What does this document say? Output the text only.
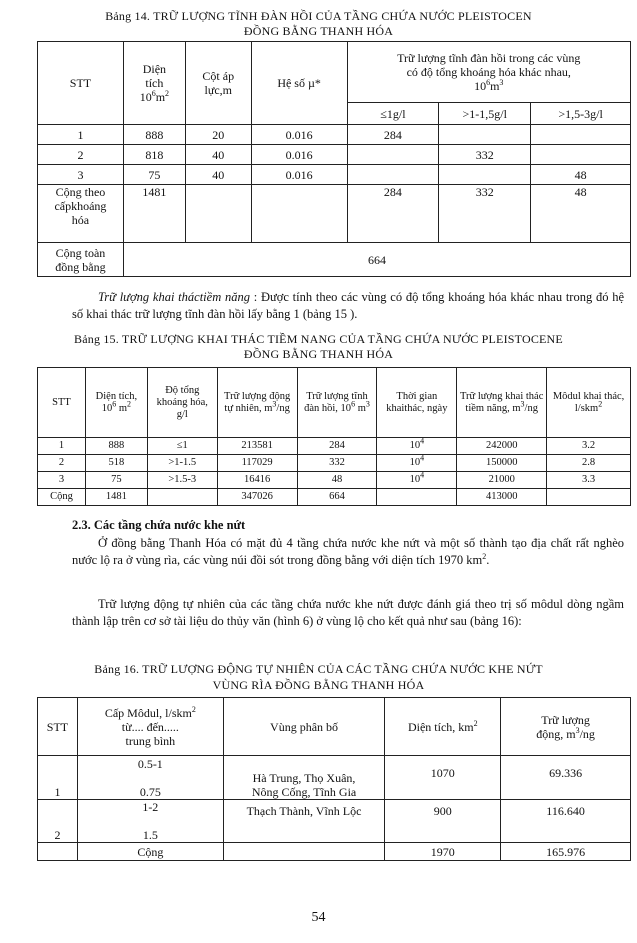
Bảng 14. TRỮ LƯỢNG TĨNH ĐÀN HỒI CỦA TẦNG CHỨA NƯỚC PLEISTOCEN
ĐỒNG BẰNG THANH HÓA
STT	Diện
tích
$10^6m^2$	Cột áp
lực,m	Hệ số µ*	Trữ lượng tĩnh đàn hồi trong các vùng
có độ tổng khoáng hóa khác nhau,
$10^6m^3$
				≤1g/l	>1-1,5g/l	>1,5-3g/l
1	888	20	0.016	284		
2	818	40	0.016		332	
3	75	40	0.016			48
Cộng theo
cấpkhoáng
hóa	1481			284	332	48
Cộng toàn
đồng bằng	664					
Trữ lượng khai tháctiềm năng : Được tính theo các vùng có độ tổng khoáng hóa khác nhau trong đó hệ số khai thác trữ lượng tĩnh đàn hồi lấy bằng 1 (bảng 15 ).
Bảng 15. TRỮ LƯỢNG KHAI THÁC TIỀM NANG CỦA TẦNG CHỨA NƯỚC PLEISTOCENE
ĐỒNG BẰNG THANH HÓA
STT	Diện tích, $10^6$ $m^2$	Độ tổng khoáng hóa, g/l	Trữ lượng động tự nhiên, $m^3/ng$	Trữ lượng tĩnh đàn hồi, $10^6$ $m^3$	Thời gian khaithác, ngày	Trữ lượng khai thác tiềm năng, $m^3/ng$	Môdul khai thác, l/skm$^2$
1	888	≤1	213581	284	$10^4$	242000	3.2
2	518	>1-1.5	117029	332	$10^4$	150000	2.8
3	75	>1.5-3	16416	48	$10^4$	21000	3.3
Cộng	1481		347026	664		413000	
2.3. Các tầng chứa nước khe nứt
Ở đồng bằng Thanh Hóa có mặt đủ 4 tầng chứa nước khe nứt và một số thành tạo địa chất rất nghèo nước lộ ra ở vùng rìa, các vùng núi đồi sót trong đồng bằng với diện tích 1970 $km^2$.
Trữ lượng động tự nhiên của các tầng chứa nước khe nứt được đánh giá theo trị số môdul dòng ngầm thành lập trên cơ sở tài liệu do thủy văn (hình 6) ở vùng lộ cho kết quả như sau (bảng 16):
Bảng 16. TRỮ LƯỢNG ĐỘNG TỰ NHIÊN CỦA CÁC TẦNG CHỨA NƯỚC KHE NỨT
VÙNG RÌA ĐỒNG BẰNG THANH HÓA
STT	Cấp Môdul, l/skm$^2$
từ.... đến.....
trung bình	Vùng phân bố	Diện tích, $km^2$	Trữ lượng
động, $m^3/ng$
1	0.5-1

0.75	Hà Trung, Thọ Xuân,
Nông Cống, Tĩnh Gia	1070	69.336
2	1-2

1.5	Thạch Thành, Vĩnh Lộc	900	116.640
	Cộng		1970	165.976
54
